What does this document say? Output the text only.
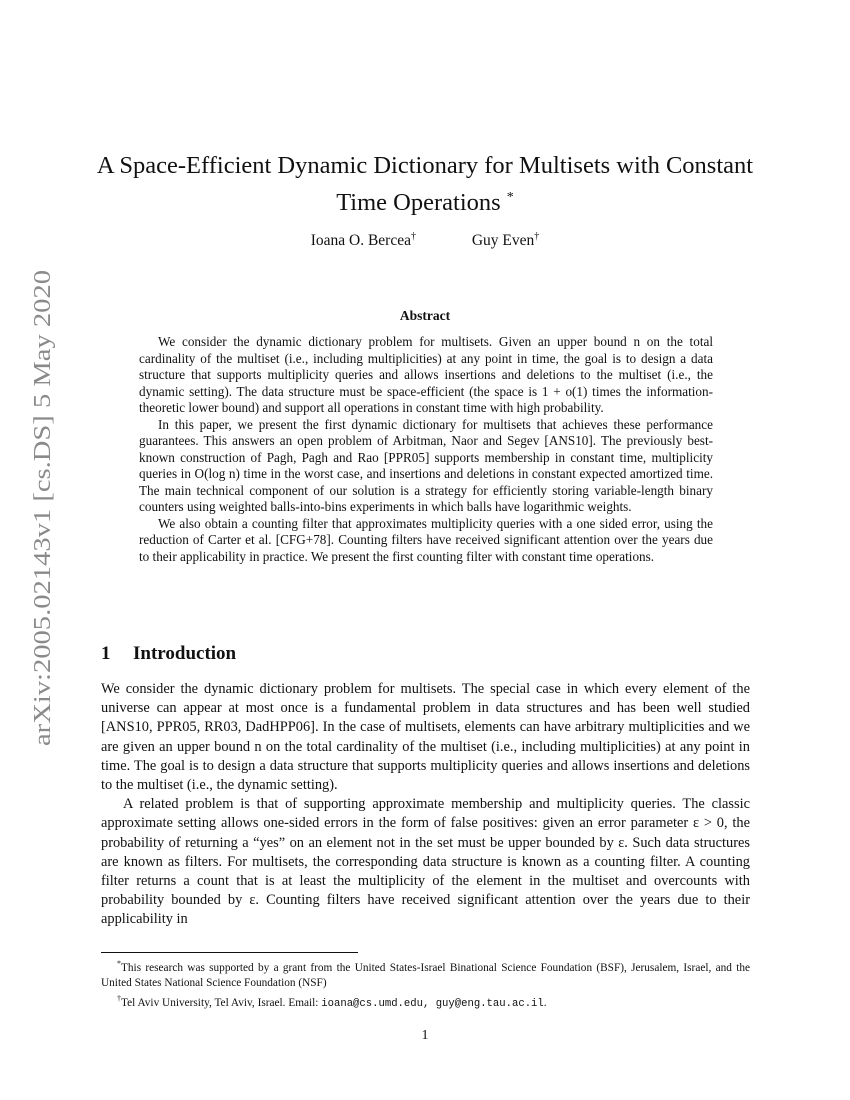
arXiv:2005.02143v1 [cs.DS] 5 May 2020
A Space-Efficient Dynamic Dictionary for Multisets with Constant Time Operations *
Ioana O. Bercea†	Guy Even†
Abstract

We consider the dynamic dictionary problem for multisets. Given an upper bound n on the total cardinality of the multiset (i.e., including multiplicities) at any point in time, the goal is to design a data structure that supports multiplicity queries and allows insertions and deletions to the multiset (i.e., the dynamic setting). The data structure must be space-efficient (the space is 1 + o(1) times the information-theoretic lower bound) and support all operations in constant time with high probability.

In this paper, we present the first dynamic dictionary for multisets that achieves these performance guarantees. This answers an open problem of Arbitman, Naor and Segev [ANS10]. The previously best-known construction of Pagh, Pagh and Rao [PPR05] supports membership in constant time, multiplicity queries in O(log n) time in the worst case, and insertions and deletions in constant expected amortized time. The main technical component of our solution is a strategy for efficiently storing variable-length binary counters using weighted balls-into-bins experiments in which balls have logarithmic weights.

We also obtain a counting filter that approximates multiplicity queries with a one sided error, using the reduction of Carter et al. [CFG+78]. Counting filters have received significant attention over the years due to their applicability in practice. We present the first counting filter with constant time operations.

1 Introduction

We consider the dynamic dictionary problem for multisets. The special case in which every element of the universe can appear at most once is a fundamental problem in data structures and has been well studied [ANS10, PPR05, RR03, DadHPP06]. In the case of multisets, elements can have arbitrary multiplicities and we are given an upper bound n on the total cardinality of the multiset (i.e., including multiplicities) at any point in time. The goal is to design a data structure that supports multiplicity queries and allows insertions and deletions to the multiset (i.e., the dynamic setting).

A related problem is that of supporting approximate membership and multiplicity queries. The classic approximate setting allows one-sided errors in the form of false positives: given an error parameter ε > 0, the probability of returning a “yes” on an element not in the set must be upper bounded by ε. Such data structures are known as filters. For multisets, the corresponding data structure is known as a counting filter. A counting filter returns a count that is at least the multiplicity of the element in the multiset and overcounts with probability bounded by ε. Counting filters have received significant attention over the years due to their applicability in

*This research was supported by a grant from the United States-Israel Binational Science Foundation (BSF), Jerusalem, Israel, and the United States National Science Foundation (NSF)

†Tel Aviv University, Tel Aviv, Israel. Email: ioana@cs.umd.edu, guy@eng.tau.ac.il.

1
